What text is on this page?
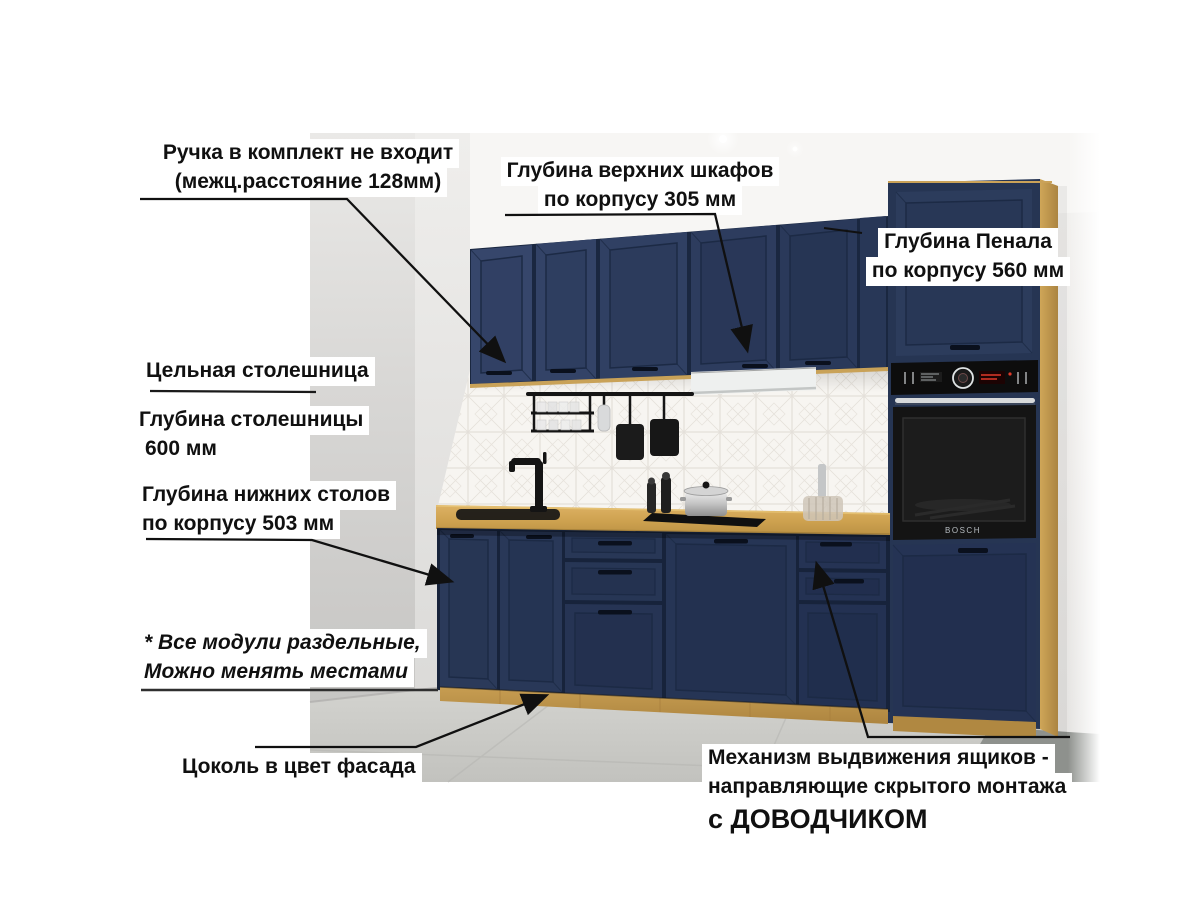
BOSCH
Ручка в комплект не входит
(межц.расстояние 128мм)	Глубина верхних шкафов
по корпусу 305 мм
Глубина Пенала
по корпусу 560 мм
Цельная столешница
Глубина столешницы
600 мм
Глубина нижних столов
по корпусу 503 мм
* Все модули раздельные,
Можно менять местами
Цоколь в цвет фасада	Механизм выдвижения ящиков -
направляющие скрытого монтажа
с ДОВОДЧИКОМ
